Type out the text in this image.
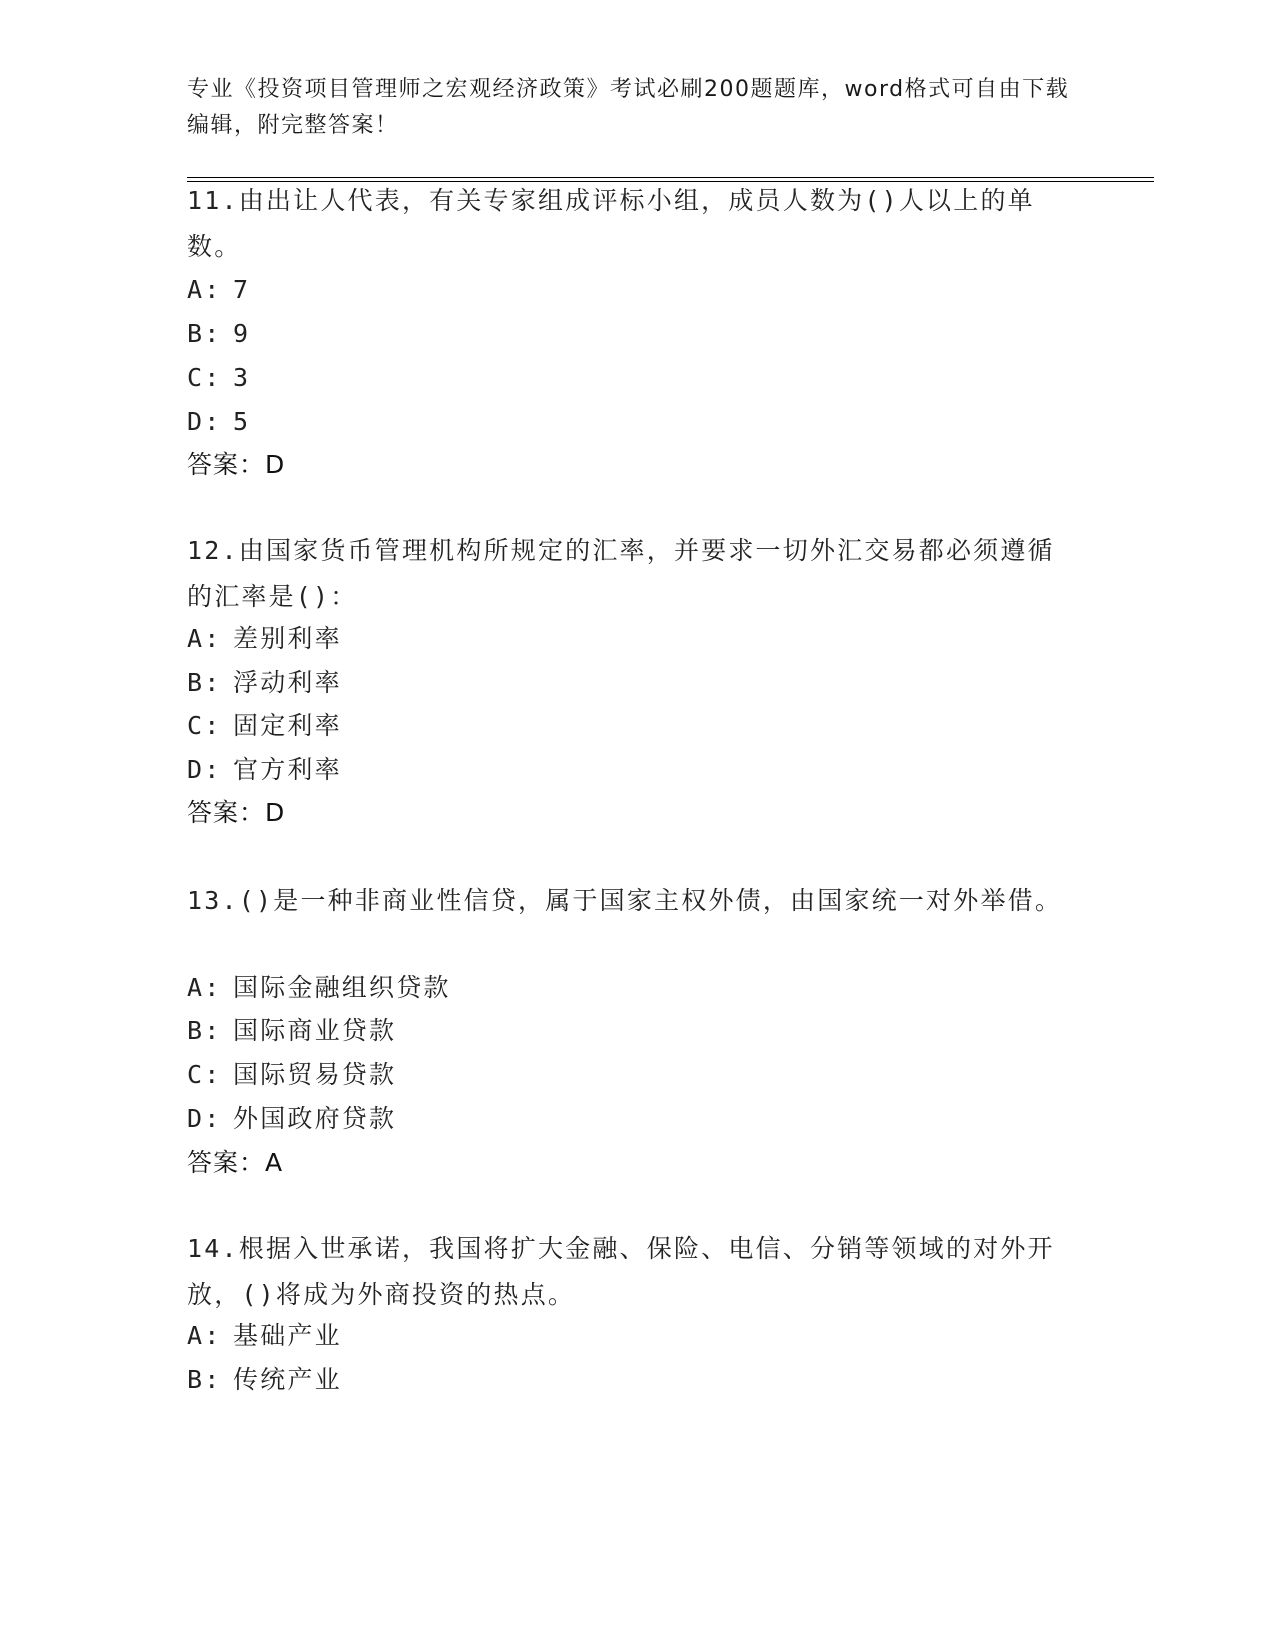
专业《投资项目管理师之宏观经济政策》考试必刷200题题库，word格式可自由下载编辑，附完整答案！
11.由出让人代表，有关专家组成评标小组，成员人数为()人以上的单数。
A: 7
B: 9
C: 3
D: 5
答案：D
12.由国家货币管理机构所规定的汇率，并要求一切外汇交易都必须遵循的汇率是()：
A: 差别利率
B: 浮动利率
C: 固定利率
D: 官方利率
答案：D
13.()是一种非商业性信贷，属于国家主权外债，由国家统一对外举借。
A: 国际金融组织贷款
B: 国际商业贷款
C: 国际贸易贷款
D: 外国政府贷款
答案：A
14.根据入世承诺，我国将扩大金融、保险、电信、分销等领域的对外开放，()将成为外商投资的热点。
A: 基础产业
B: 传统产业
